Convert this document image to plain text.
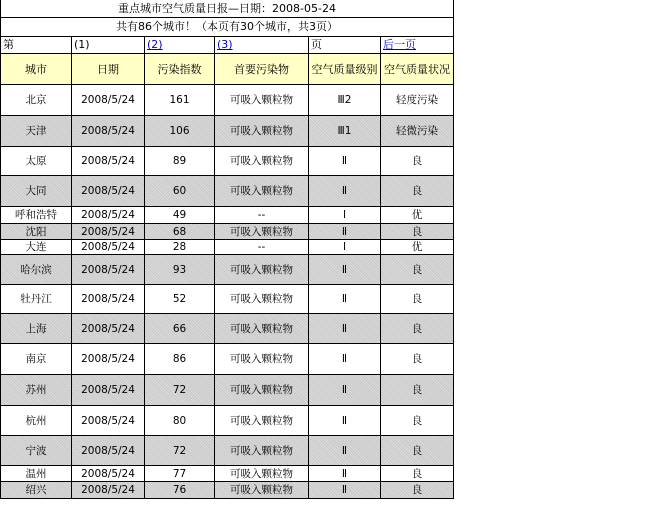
重点城市空气质量日报—日期：2008-05-24					
共有86个城市！（本页有30个城市，共3页）					
第	(1)	(2)	(3)	页	后一页
城市	日期	污染指数	首要污染物	空气质量级别	空气质量状况
北京	2008/5/24	161	可吸入颗粒物	Ⅲ2	轻度污染
天津	2008/5/24	106	可吸入颗粒物	Ⅲ1	轻微污染
太原	2008/5/24	89	可吸入颗粒物	Ⅱ	良
大同	2008/5/24	60	可吸入颗粒物	Ⅱ	良
呼和浩特	2008/5/24	49	--	Ⅰ	优
沈阳	2008/5/24	68	可吸入颗粒物	Ⅱ	良
大连	2008/5/24	28	--	Ⅰ	优
哈尔滨	2008/5/24	93	可吸入颗粒物	Ⅱ	良
牡丹江	2008/5/24	52	可吸入颗粒物	Ⅱ	良
上海	2008/5/24	66	可吸入颗粒物	Ⅱ	良
南京	2008/5/24	86	可吸入颗粒物	Ⅱ	良
苏州	2008/5/24	72	可吸入颗粒物	Ⅱ	良
杭州	2008/5/24	80	可吸入颗粒物	Ⅱ	良
宁波	2008/5/24	72	可吸入颗粒物	Ⅱ	良
温州	2008/5/24	77	可吸入颗粒物	Ⅱ	良
绍兴	2008/5/24	76	可吸入颗粒物	Ⅱ	良
